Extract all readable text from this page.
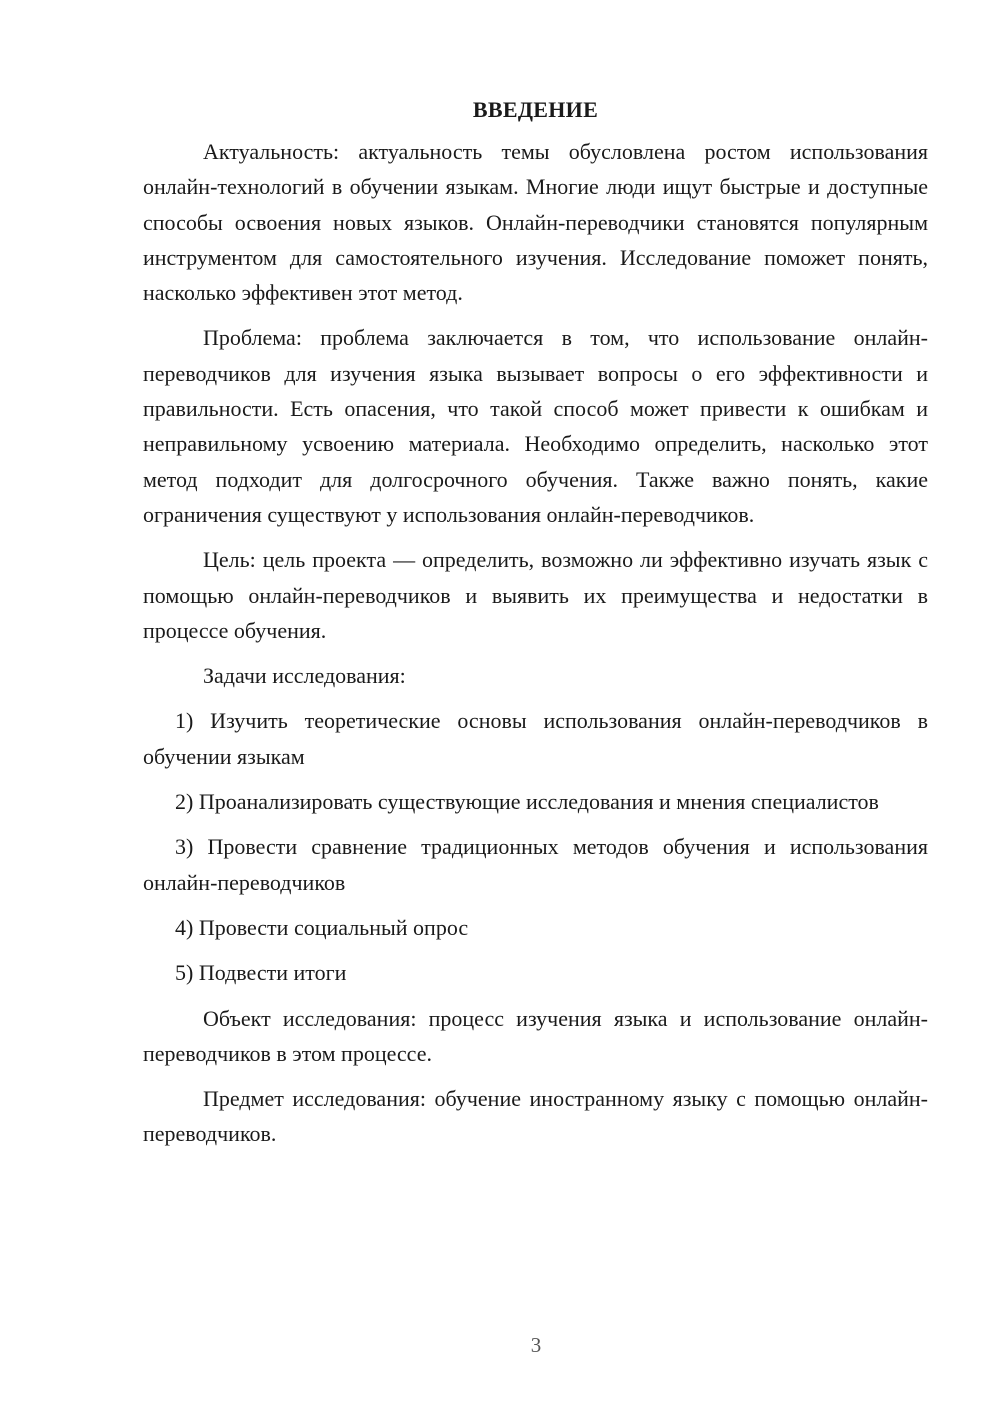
ВВЕДЕНИЕ

Актуальность: актуальность темы обусловлена ростом использования онлайн-технологий в обучении языкам. Многие люди ищут быстрые и доступные способы освоения новых языков. Онлайн-переводчики становятся популярным инструментом для самостоятельного изучения. Исследование поможет понять, насколько эффективен этот метод.

Проблема: проблема заключается в том, что использование онлайн-переводчиков для изучения языка вызывает вопросы о его эффективности и правильности. Есть опасения, что такой способ может привести к ошибкам и неправильному усвоению материала. Необходимо определить, насколько этот метод подходит для долгосрочного обучения. Также важно понять, какие ограничения существуют у использования онлайн-переводчиков.

Цель: цель проекта — определить, возможно ли эффективно изучать язык с помощью онлайн-переводчиков и выявить их преимущества и недостатки в процессе обучения.

Задачи исследования:

1) Изучить теоретические основы использования онлайн-переводчиков в обучении языкам

2) Проанализировать существующие исследования и мнения специалистов

3) Провести сравнение традиционных методов обучения и использования онлайн-переводчиков

4) Провести социальный опрос

5) Подвести итоги

Объект исследования: процесс изучения языка и использование онлайн-переводчиков в этом процессе.

Предмет исследования: обучение иностранному языку с помощью онлайн-переводчиков.

3
